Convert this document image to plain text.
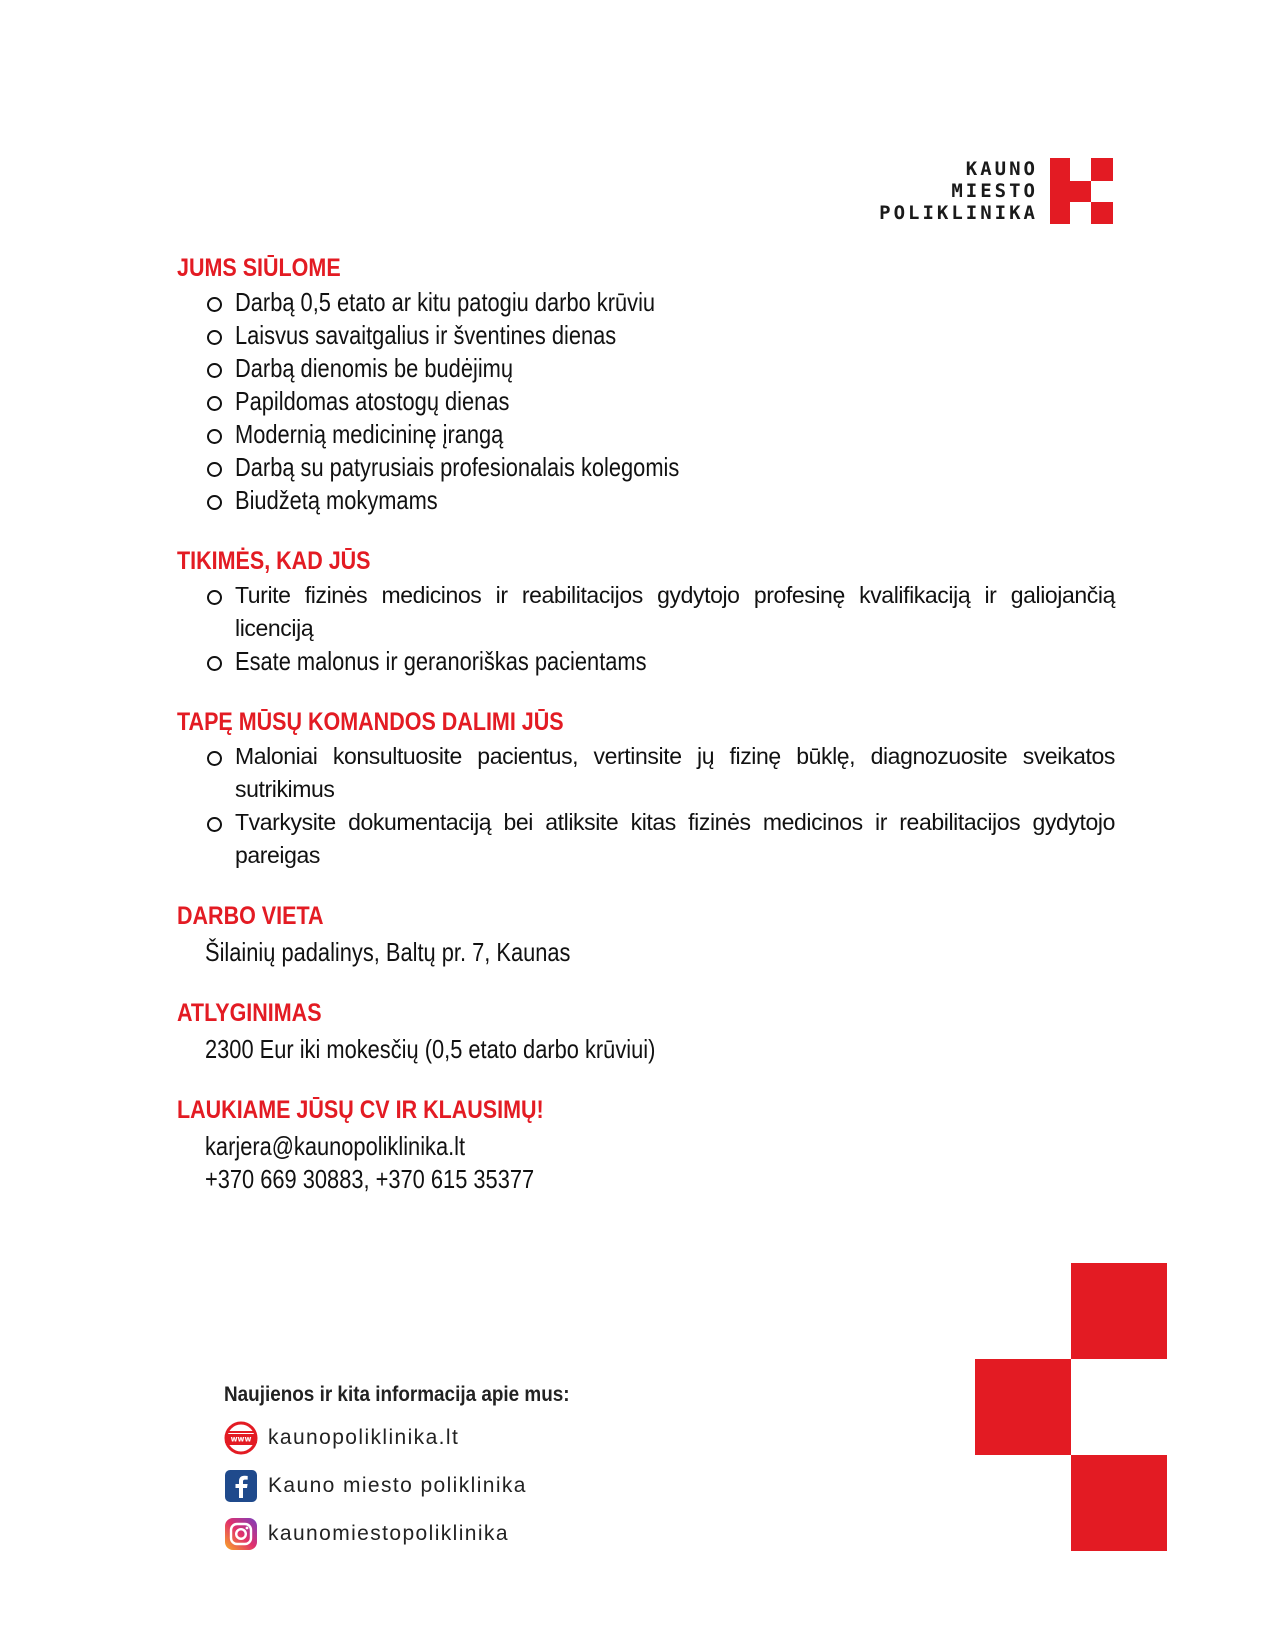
KAUNO
MIESTO
POLIKLINIKA
JUMS SIŪLOME
Darbą 0,5 etato ar kitu patogiu darbo krūviu
Laisvus savaitgalius ir šventines dienas
Darbą dienomis be budėjimų
Papildomas atostogų dienas
Modernią medicininę įrangą
Darbą su patyrusiais profesionalais kolegomis
Biudžetą mokymams
TIKIMĖS, KAD JŪS
Turite fizinės medicinos ir reabilitacijos gydytojo profesinę kvalifikaciją ir galiojančią licenciją
Esate malonus ir geranoriškas pacientams
TAPĘ MŪSŲ KOMANDOS DALIMI JŪS
Maloniai konsultuosite pacientus, vertinsite jų fizinę būklę, diagnozuosite sveikatos sutrikimus
Tvarkysite dokumentaciją bei atliksite kitas fizinės medicinos ir reabilitacijos gydytojo pareigas
DARBO VIETA
Šilainių padalinys, Baltų pr. 7, Kaunas
ATLYGINIMAS
2300 Eur iki mokesčių (0,5 etato darbo krūviui)
LAUKIAME JŪSŲ CV IR KLAUSIMŲ!
karjera@kaunopoliklinika.lt
+370 669 30883, +370 615 35377
Naujienos ir kita informacija apie mus:
www kaunopoliklinika.lt
Kauno miesto poliklinika
kaunomiestopoliklinika
